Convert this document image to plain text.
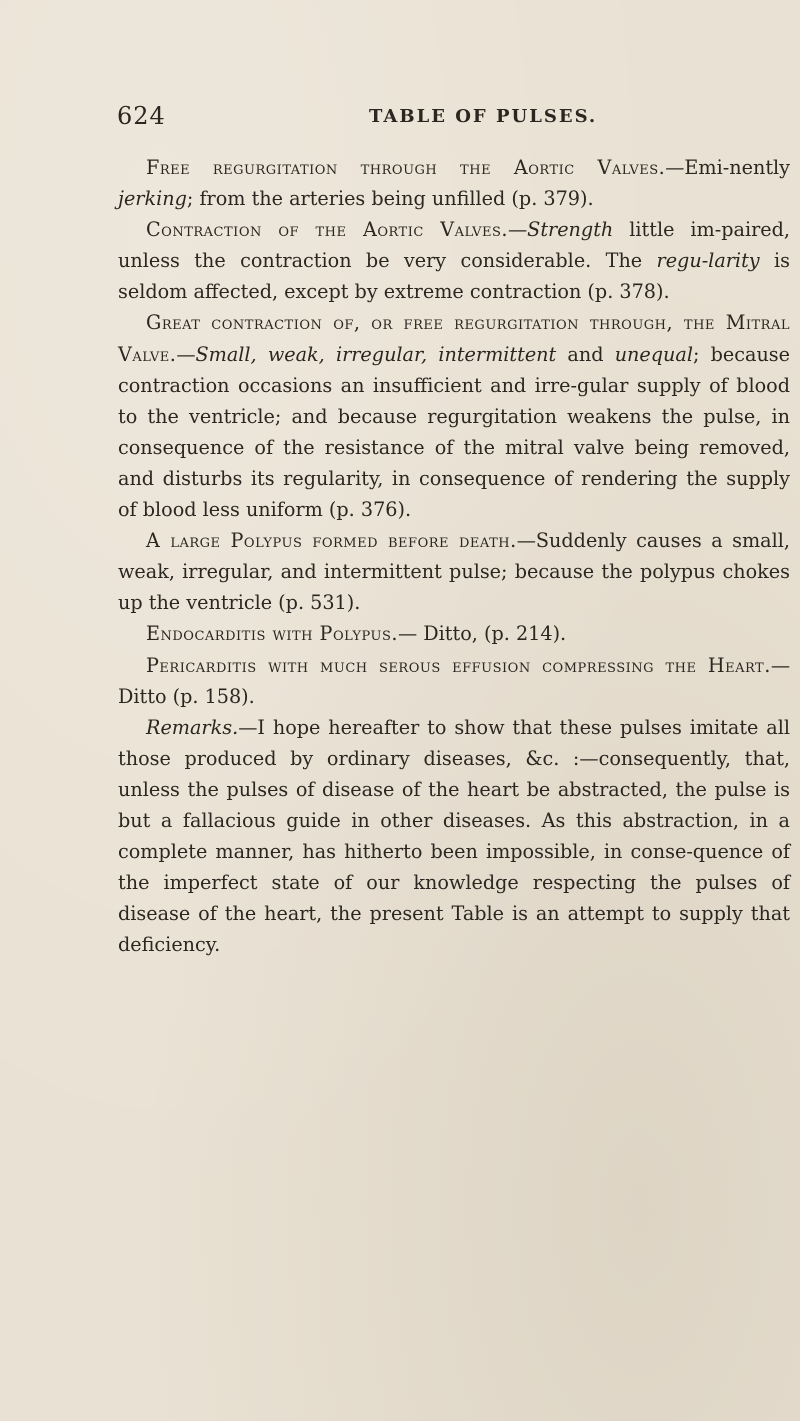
624	TABLE OF PULSES.

Free regurgitation through the Aortic Valves.—Emi-nently jerking; from the arteries being unfilled (p. 379).

Contraction of the Aortic Valves.—Strength little im-paired, unless the contraction be very considerable. The regu-larity is seldom affected, except by extreme contraction (p. 378).

Great contraction of, or free regurgitation through, the Mitral Valve.—Small, weak, irregular, intermittent and unequal; because contraction occasions an insufficient and irre-gular supply of blood to the ventricle; and because regurgitation weakens the pulse, in consequence of the resistance of the mitral valve being removed, and disturbs its regularity, in consequence of rendering the supply of blood less uniform (p. 376).

A large Polypus formed before death.—Suddenly causes a small, weak, irregular, and intermittent pulse; because the polypus chokes up the ventricle (p. 531).

Endocarditis with Polypus.— Ditto, (p. 214).

Pericarditis with much serous effusion compressing the Heart.—Ditto (p. 158).

Remarks.—I hope hereafter to show that these pulses imitate all those produced by ordinary diseases, &c. :—consequently, that, unless the pulses of disease of the heart be abstracted, the pulse is but a fallacious guide in other diseases. As this abstraction, in a complete manner, has hitherto been impossible, in conse-quence of the imperfect state of our knowledge respecting the pulses of disease of the heart, the present Table is an attempt to supply that deficiency.
